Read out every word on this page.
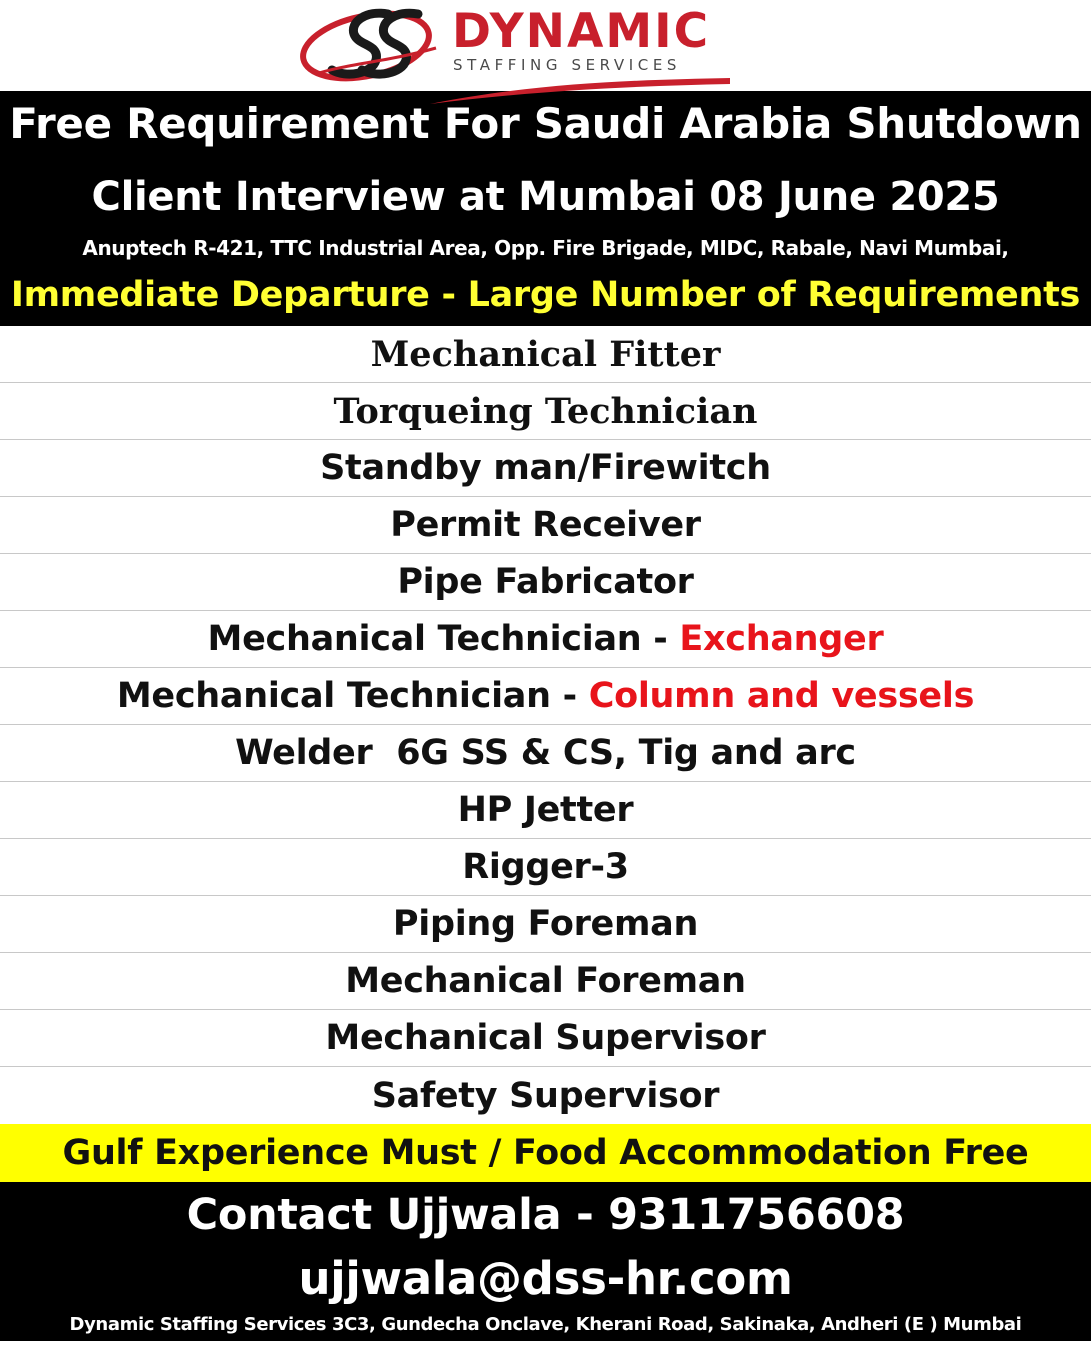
DYNAMIC
STAFFING SERVICES
Free Requirement For Saudi Arabia Shutdown
Client Interview at Mumbai 08 June 2025
Anuptech R-421, TTC Industrial Area, Opp. Fire Brigade, MIDC, Rabale, Navi Mumbai,
Immediate Departure - Large Number of Requirements
Mechanical Fitter
Torqueing Technician
Standby man/Firewitch
Permit Receiver
Pipe Fabricator
Mechanical Technician - Exchanger
Mechanical Technician - Column and vessels
Welder  6G SS & CS, Tig and arc
HP Jetter
Rigger-3
Piping Foreman
Mechanical Foreman
Mechanical Supervisor
Safety Supervisor
Gulf Experience Must / Food Accommodation Free
Contact Ujjwala - 9311756608
ujjwala@dss-hr.com
Dynamic Staffing Services 3C3, Gundecha Onclave, Kherani Road, Sakinaka, Andheri (E ) Mumbai
